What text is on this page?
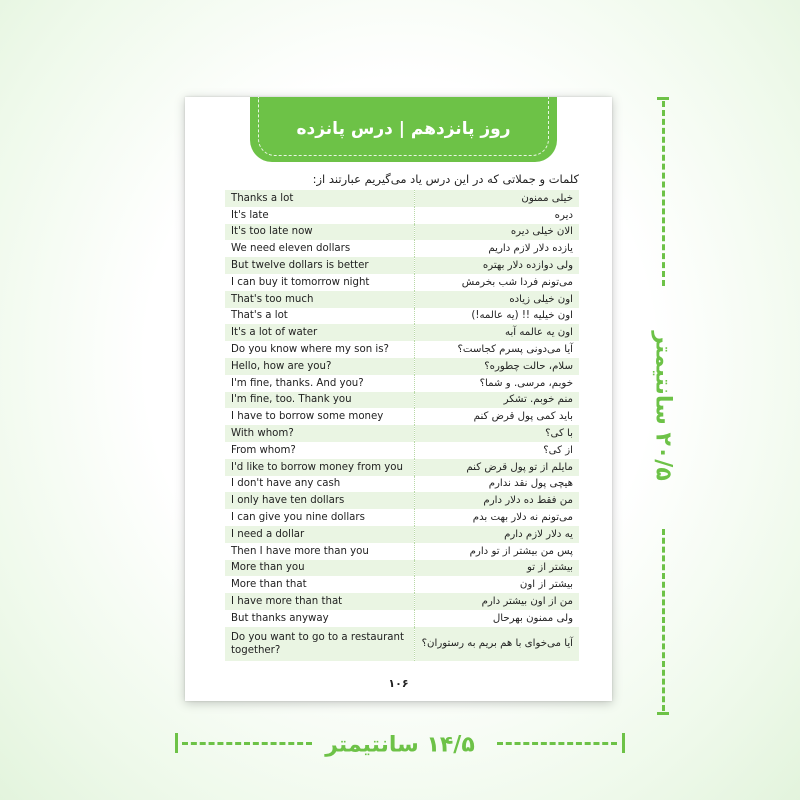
روز پانزدهم | درس پانزده
کلمات و جملاتی که در این درس یاد می‌گیریم عبارتند از:
Thanks a lot	خیلی ممنون
It's late	دیره
It's too late now	الان خیلی دیره
We need eleven dollars	یازده دلار لازم داریم
But twelve dollars is better	ولی دوازده دلار بهتره
I can buy it tomorrow night	می‌تونم فردا شب بخرمش
That's too much	اون خیلی زیاده
That's a lot	اون خیلیه !! (یه عالمه!)
It's a lot of water	اون یه عالمه آبه
Do you know where my son is?	آیا می‌دونی پسرم کجاست؟
Hello, how are you?	سلام، حالت چطوره؟
I'm fine, thanks. And you?	خوبم، مرسی. و شما؟
I'm fine, too. Thank you	منم خوبم. تشکر
I have to borrow some money	باید کمی پول قرض کنم
With whom?	با کی؟
From whom?	از کی؟
I'd like to borrow money from you	مایلم از تو پول قرض کنم
I don't have any cash	هیچی پول نقد ندارم
I only have ten dollars	من فقط ده دلار دارم
I can give you nine dollars	می‌تونم نه دلار بهت بدم
I need a dollar	یه دلار لازم دارم
Then I have more than you	پس من بیشتر از تو دارم
More than you	بیشتر از تو
More than that	بیشتر از اون
I have more than that	من از اون بیشتر دارم
But thanks anyway	ولی ممنون بهرحال
Do you want to go to a restaurant together?	آیا می‌خوای با هم بریم به رستوران؟
۱۰۶
۲۰/۵ سانتیمتر
۱۴/۵ سانتیمتر
